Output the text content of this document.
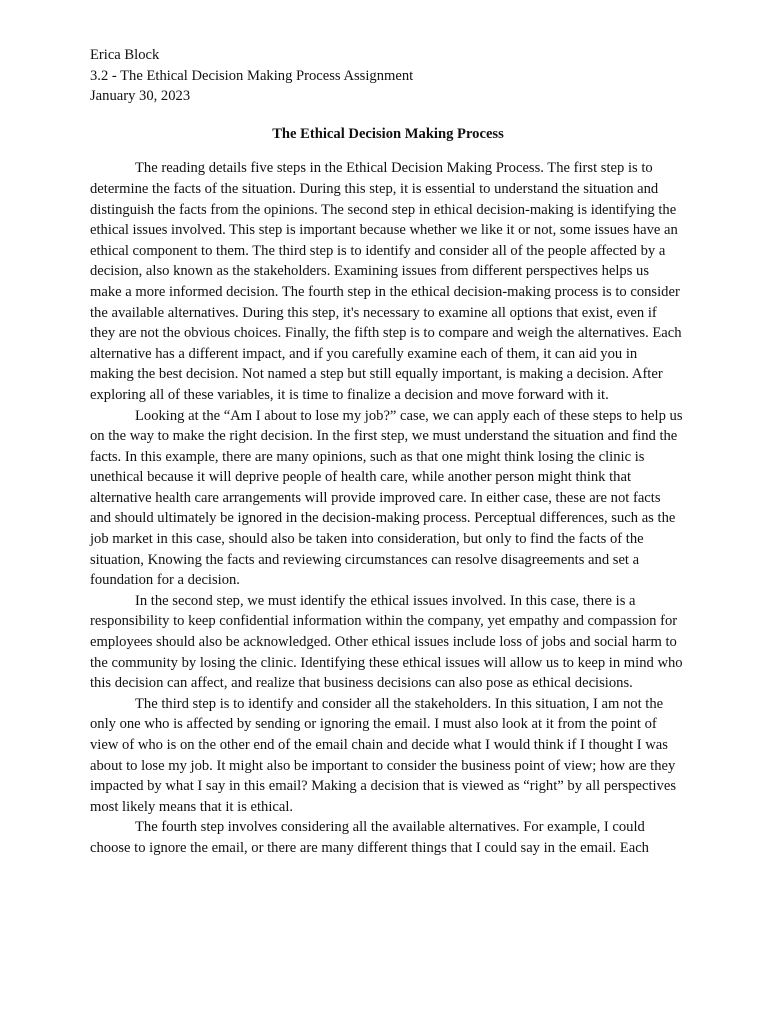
Erica Block

3.2 - The Ethical Decision Making Process Assignment

January 30, 2023

The Ethical Decision Making Process

The reading details five steps in the Ethical Decision Making Process. The first step is to determine the facts of the situation. During this step, it is essential to understand the situation and distinguish the facts from the opinions. The second step in ethical decision-making is identifying the ethical issues involved. This step is important because whether we like it or not, some issues have an ethical component to them. The third step is to identify and consider all of the people affected by a decision, also known as the stakeholders. Examining issues from different perspectives helps us make a more informed decision. The fourth step in the ethical decision-making process is to consider the available alternatives. During this step, it's necessary to examine all options that exist, even if they are not the obvious choices. Finally, the fifth step is to compare and weigh the alternatives. Each alternative has a different impact, and if you carefully examine each of them, it can aid you in making the best decision. Not named a step but still equally important, is making a decision. After exploring all of these variables, it is time to finalize a decision and move forward with it.

Looking at the “Am I about to lose my job?” case, we can apply each of these steps to help us on the way to make the right decision. In the first step, we must understand the situation and find the facts. In this example, there are many opinions, such as that one might think losing the clinic is unethical because it will deprive people of health care, while another person might think that alternative health care arrangements will provide improved care. In either case, these are not facts and should ultimately be ignored in the decision-making process. Perceptual differences, such as the job market in this case, should also be taken into consideration, but only to find the facts of the situation, Knowing the facts and reviewing circumstances can resolve disagreements and set a foundation for a decision.

In the second step, we must identify the ethical issues involved. In this case, there is a responsibility to keep confidential information within the company, yet empathy and compassion for employees should also be acknowledged. Other ethical issues include loss of jobs and social harm to the community by losing the clinic. Identifying these ethical issues will allow us to keep in mind who this decision can affect, and realize that business decisions can also pose as ethical decisions.

The third step is to identify and consider all the stakeholders. In this situation, I am not the only one who is affected by sending or ignoring the email. I must also look at it from the point of view of who is on the other end of the email chain and decide what I would think if I thought I was about to lose my job. It might also be important to consider the business point of view; how are they impacted by what I say in this email? Making a decision that is viewed as “right” by all perspectives most likely means that it is ethical.

The fourth step involves considering all the available alternatives. For example, I could choose to ignore the email, or there are many different things that I could say in the email. Each
